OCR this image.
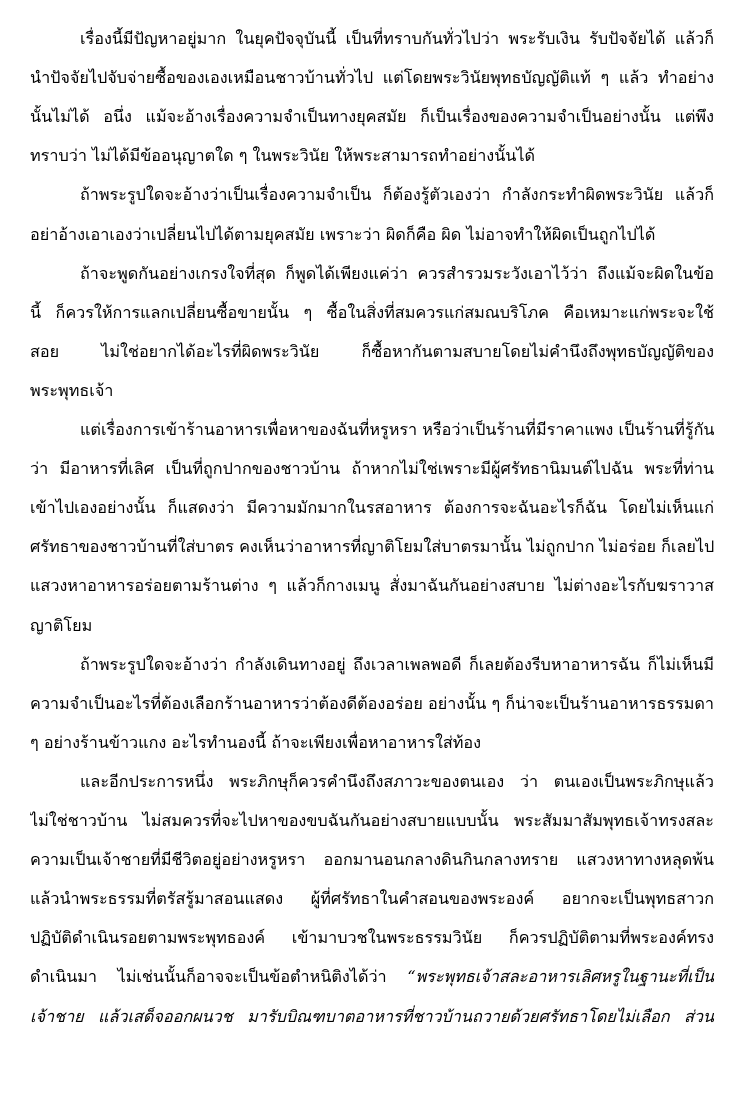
เรื่องนี้มีปัญหาอยู่มาก ในยุคปัจจุบันนี้ เป็นที่ทราบกันทั่วไปว่า พระรับเงิน รับปัจจัยได้ แล้วก็
นำปัจจัยไปจับจ่ายซื้อของเองเหมือนชาวบ้านทั่วไป แต่โดยพระวินัยพุทธบัญญัติแท้ ๆ แล้ว ทำอย่าง
นั้นไม่ได้ อนึ่ง แม้จะอ้างเรื่องความจำเป็นทางยุคสมัย ก็เป็นเรื่องของความจำเป็นอย่างนั้น แต่พึง
ทราบว่า ไม่ได้มีข้ออนุญาตใด ๆ ในพระวินัย ให้พระสามารถทำอย่างนั้นได้
ถ้าพระรูปใดจะอ้างว่าเป็นเรื่องความจำเป็น ก็ต้องรู้ตัวเองว่า กำลังกระทำผิดพระวินัย แล้วก็
อย่าอ้างเอาเองว่าเปลี่ยนไปได้ตามยุคสมัย เพราะว่า ผิดก็คือ ผิด ไม่อาจทำให้ผิดเป็นถูกไปได้
ถ้าจะพูดกันอย่างเกรงใจที่สุด ก็พูดได้เพียงแค่ว่า ควรสำรวมระวังเอาไว้ว่า ถึงแม้จะผิดในข้อ
นี้ ก็ควรให้การแลกเปลี่ยนซื้อขายนั้น ๆ ซื้อในสิ่งที่สมควรแก่สมณบริโภค คือเหมาะแก่พระจะใช้
สอย ไม่ใช่อยากได้อะไรที่ผิดพระวินัย ก็ซื้อหากันตามสบายโดยไม่คำนึงถึงพุทธบัญญัติของ
พระพุทธเจ้า
แต่เรื่องการเข้าร้านอาหารเพื่อหาของฉันที่หรูหรา หรือว่าเป็นร้านที่มีราคาแพง เป็นร้านที่รู้กัน
ว่า มีอาหารที่เลิศ เป็นที่ถูกปากของชาวบ้าน ถ้าหากไม่ใช่เพราะมีผู้ศรัทธานิมนต์ไปฉัน พระที่ท่าน
เข้าไปเองอย่างนั้น ก็แสดงว่า มีความมักมากในรสอาหาร ต้องการจะฉันอะไรก็ฉัน โดยไม่เห็นแก่
ศรัทธาของชาวบ้านที่ใส่บาตร คงเห็นว่าอาหารที่ญาติโยมใส่บาตรมานั้น ไม่ถูกปาก ไม่อร่อย ก็เลยไป
แสวงหาอาหารอร่อยตามร้านต่าง ๆ แล้วก็กางเมนู สั่งมาฉันกันอย่างสบาย ไม่ต่างอะไรกับฆราวาส
ญาติโยม
ถ้าพระรูปใดจะอ้างว่า กำลังเดินทางอยู่ ถึงเวลาเพลพอดี ก็เลยต้องรีบหาอาหารฉัน ก็ไม่เห็นมี
ความจำเป็นอะไรที่ต้องเลือกร้านอาหารว่าต้องดีต้องอร่อย อย่างนั้น ๆ ก็น่าจะเป็นร้านอาหารธรรมดา
ๆ อย่างร้านข้าวแกง อะไรทำนองนี้ ถ้าจะเพียงเพื่อหาอาหารใส่ท้อง
และอีกประการหนึ่ง พระภิกษุก็ควรคำนึงถึงสภาวะของตนเอง ว่า ตนเองเป็นพระภิกษุแล้ว
ไม่ใช่ชาวบ้าน ไม่สมควรที่จะไปหาของขบฉันกันอย่างสบายแบบนั้น พระสัมมาสัมพุทธเจ้าทรงสละ
ความเป็นเจ้าชายที่มีชีวิตอยู่อย่างหรูหรา ออกมานอนกลางดินกินกลางทราย แสวงหาทางหลุดพ้น
แล้วนำพระธรรมที่ตรัสรู้มาสอนแสดง ผู้ที่ศรัทธาในคำสอนของพระองค์ อยากจะเป็นพุทธสาวก
ปฏิบัติดำเนินรอยตามพระพุทธองค์ เข้ามาบวชในพระธรรมวินัย ก็ควรปฏิบัติตามที่พระองค์ทรง
ดำเนินมา ไม่เช่นนั้นก็อาจจะเป็นข้อตำหนิติงได้ว่า “พระพุทธเจ้าสละอาหารเลิศหรูในฐานะที่เป็น
เจ้าชาย แล้วเสด็จออกผนวช มารับบิณฑบาตอาหารที่ชาวบ้านถวายด้วยศรัทธาโดยไม่เลือก ส่วน
